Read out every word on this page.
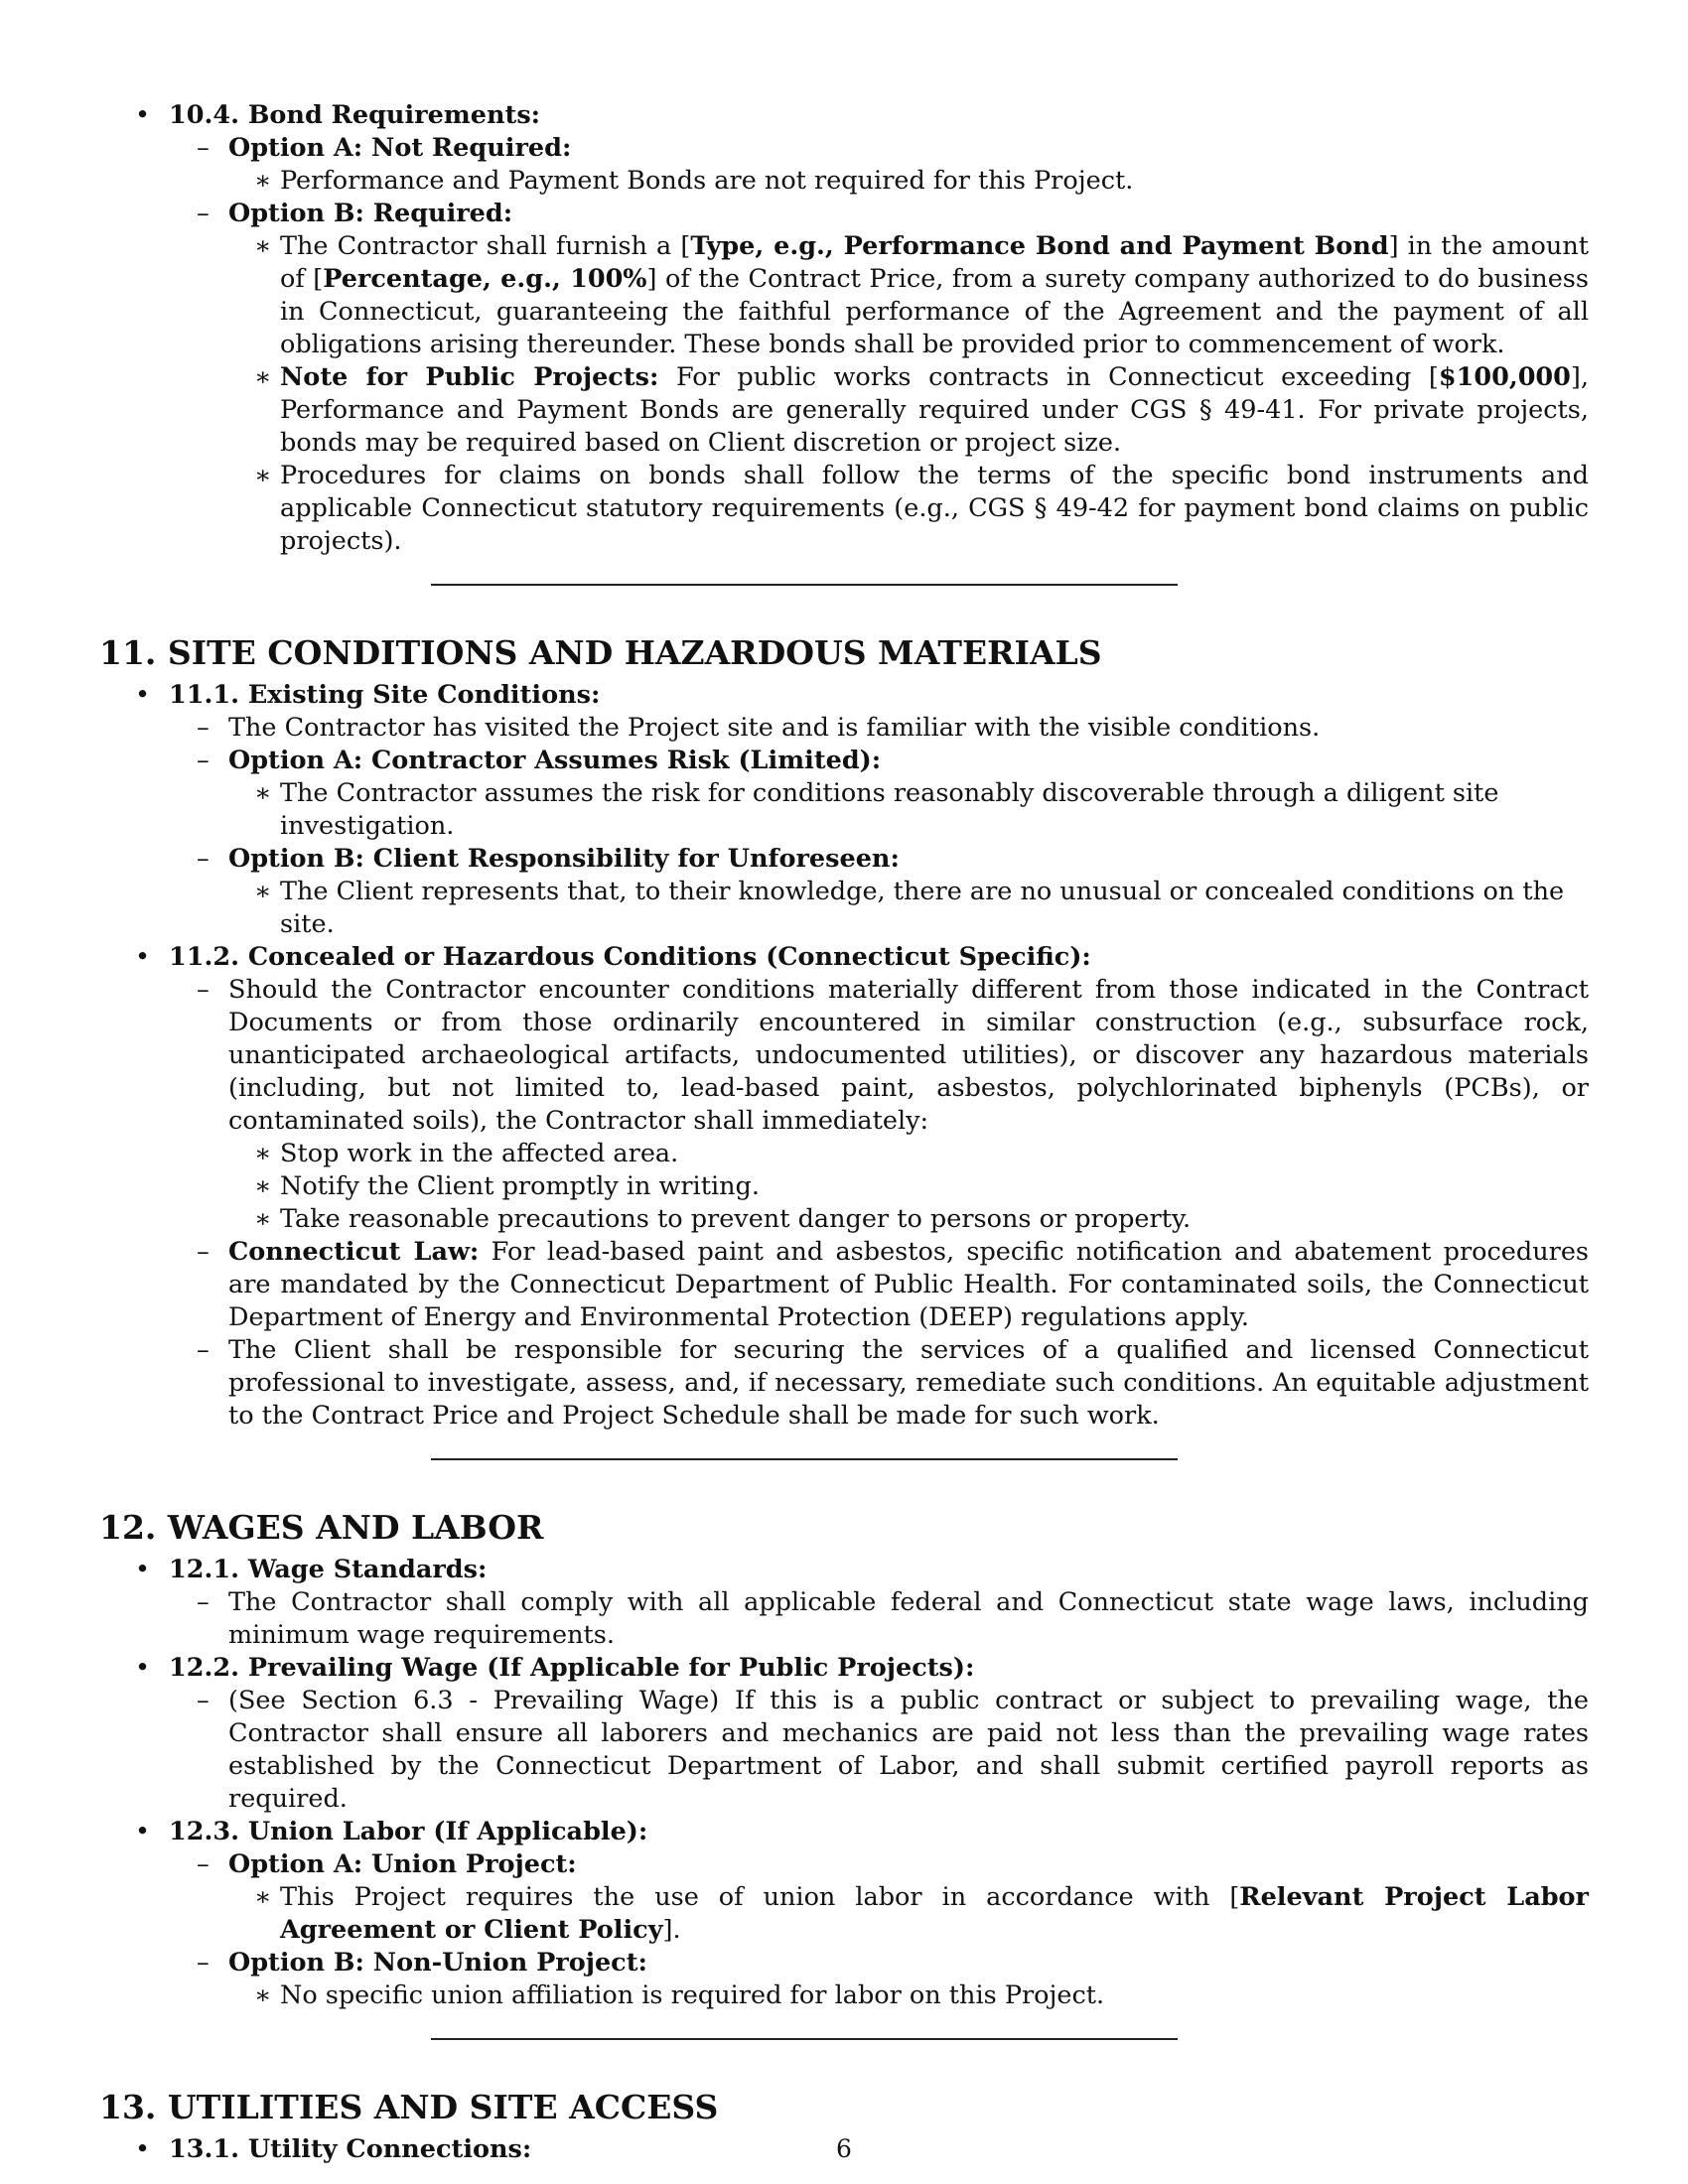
• 10.4. Bond Requirements:
– Option A: Not Required:
∗ Performance and Payment Bonds are not required for this Project.
– Option B: Required:
∗ The Contractor shall furnish a [Type, e.g., Performance Bond and Payment Bond] in the amount of [Percentage, e.g., 100%] of the Contract Price, from a surety company authorized to do business in Connecticut, guaranteeing the faithful performance of the Agreement and the payment of all obligations arising thereunder. These bonds shall be provided prior to commencement of work.
∗ Note for Public Projects: For public works contracts in Connecticut exceeding [$100,000], Performance and Payment Bonds are generally required under CGS § 49-41. For private projects, bonds may be required based on Client discretion or project size.
∗ Procedures for claims on bonds shall follow the terms of the specific bond instruments and applicable Connecticut statutory requirements (e.g., CGS § 49-42 for payment bond claims on public projects).
11. SITE CONDITIONS AND HAZARDOUS MATERIALS
• 11.1. Existing Site Conditions:
– The Contractor has visited the Project site and is familiar with the visible conditions.
– Option A: Contractor Assumes Risk (Limited):
∗ The Contractor assumes the risk for conditions reasonably discoverable through a diligent site investigation.
– Option B: Client Responsibility for Unforeseen:
∗ The Client represents that, to their knowledge, there are no unusual or concealed conditions on the site.
• 11.2. Concealed or Hazardous Conditions (Connecticut Specific):
– Should the Contractor encounter conditions materially different from those indicated in the Contract Documents or from those ordinarily encountered in similar construction (e.g., subsurface rock, unanticipated archaeological artifacts, undocumented utilities), or discover any hazardous materials (including, but not limited to, lead-based paint, asbestos, polychlorinated biphenyls (PCBs), or contaminated soils), the Contractor shall immediately:
∗ Stop work in the affected area.
∗ Notify the Client promptly in writing.
∗ Take reasonable precautions to prevent danger to persons or property.
– Connecticut Law: For lead-based paint and asbestos, specific notification and abatement procedures are mandated by the Connecticut Department of Public Health. For contaminated soils, the Connecticut Department of Energy and Environmental Protection (DEEP) regulations apply.
– The Client shall be responsible for securing the services of a qualified and licensed Connecticut professional to investigate, assess, and, if necessary, remediate such conditions. An equitable adjustment to the Contract Price and Project Schedule shall be made for such work.
12. WAGES AND LABOR
• 12.1. Wage Standards:
– The Contractor shall comply with all applicable federal and Connecticut state wage laws, including minimum wage requirements.
• 12.2. Prevailing Wage (If Applicable for Public Projects):
– (See Section 6.3 - Prevailing Wage) If this is a public contract or subject to prevailing wage, the Contractor shall ensure all laborers and mechanics are paid not less than the prevailing wage rates established by the Connecticut Department of Labor, and shall submit certified payroll reports as required.
• 12.3. Union Labor (If Applicable):
– Option A: Union Project:
∗ This Project requires the use of union labor in accordance with [Relevant Project Labor Agreement or Client Policy].
– Option B: Non-Union Project:
∗ No specific union affiliation is required for labor on this Project.
13. UTILITIES AND SITE ACCESS
• 13.1. Utility Connections:	6
